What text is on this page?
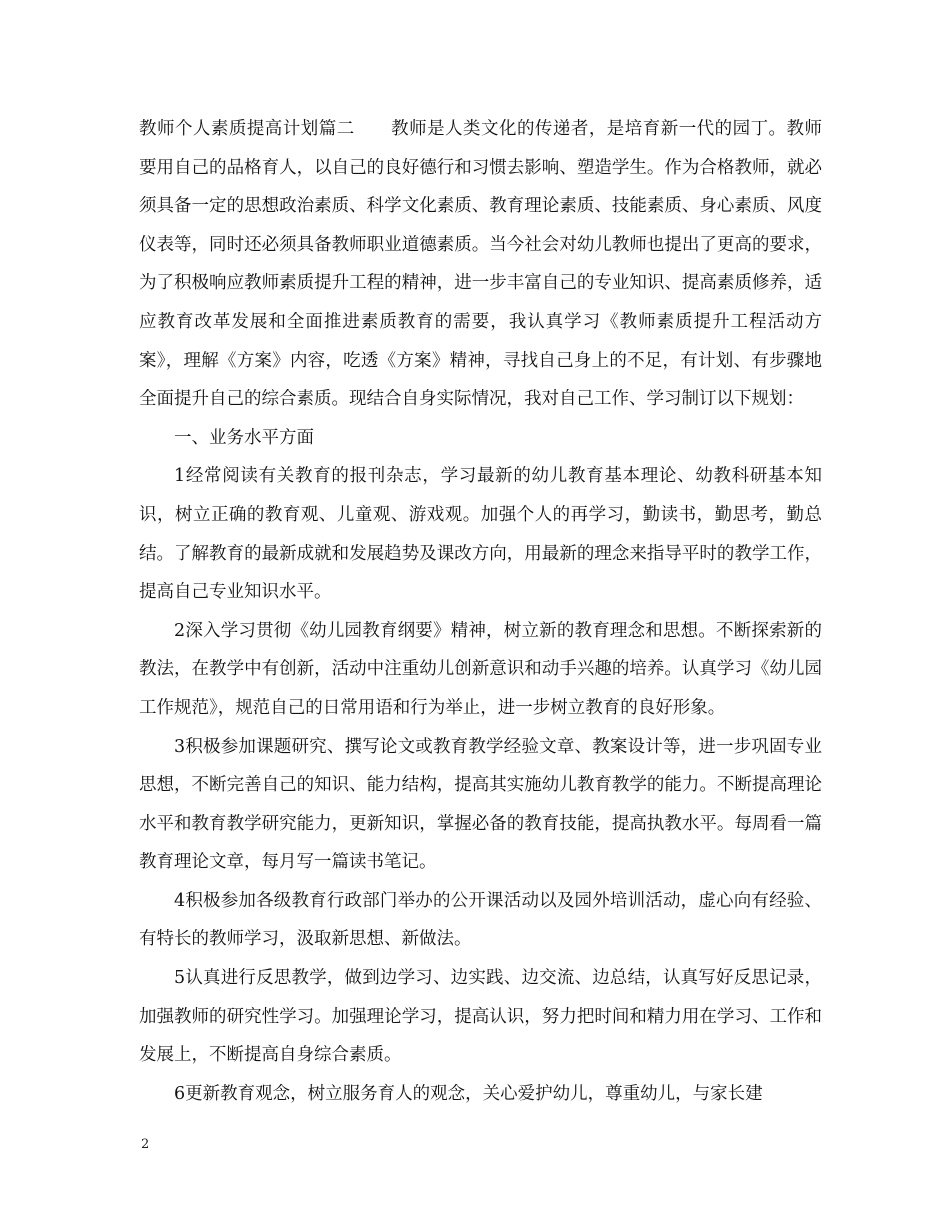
教师个人素质提高计划篇二 教师是人类文化的传递者，是培育新一代的园丁。教师要用自己的品格育人，以自己的良好德行和习惯去影响、塑造学生。作为合格教师，就必须具备一定的思想政治素质、科学文化素质、教育理论素质、技能素质、身心素质、风度仪表等，同时还必须具备教师职业道德素质。当今社会对幼儿教师也提出了更高的要求，为了积极响应教师素质提升工程的精神，进一步丰富自己的专业知识、提高素质修养，适应教育改革发展和全面推进素质教育的需要，我认真学习《教师素质提升工程活动方案》，理解《方案》内容，吃透《方案》精神，寻找自己身上的不足，有计划、有步骤地全面提升自己的综合素质。现结合自身实际情况，我对自己工作、学习制订以下规划：

一、业务水平方面

1经常阅读有关教育的报刊杂志，学习最新的幼儿教育基本理论、幼教科研基本知识，树立正确的教育观、儿童观、游戏观。加强个人的再学习，勤读书，勤思考，勤总结。了解教育的最新成就和发展趋势及课改方向，用最新的理念来指导平时的教学工作，提高自己专业知识水平。

2深入学习贯彻《幼儿园教育纲要》精神，树立新的教育理念和思想。不断探索新的教法，在教学中有创新，活动中注重幼儿创新意识和动手兴趣的培养。认真学习《幼儿园工作规范》，规范自己的日常用语和行为举止，进一步树立教育的良好形象。

3积极参加课题研究、撰写论文或教育教学经验文章、教案设计等，进一步巩固专业思想，不断完善自己的知识、能力结构，提高其实施幼儿教育教学的能力。不断提高理论水平和教育教学研究能力，更新知识，掌握必备的教育技能，提高执教水平。每周看一篇教育理论文章，每月写一篇读书笔记。

4积极参加各级教育行政部门举办的公开课活动以及园外培训活动，虚心向有经验、有特长的教师学习，汲取新思想、新做法。

5认真进行反思教学，做到边学习、边实践、边交流、边总结，认真写好反思记录，加强教师的研究性学习。加强理论学习，提高认识，努力把时间和精力用在学习、工作和发展上，不断提高自身综合素质。

6更新教育观念，树立服务育人的观念，关心爱护幼儿，尊重幼儿，与家长建

2
